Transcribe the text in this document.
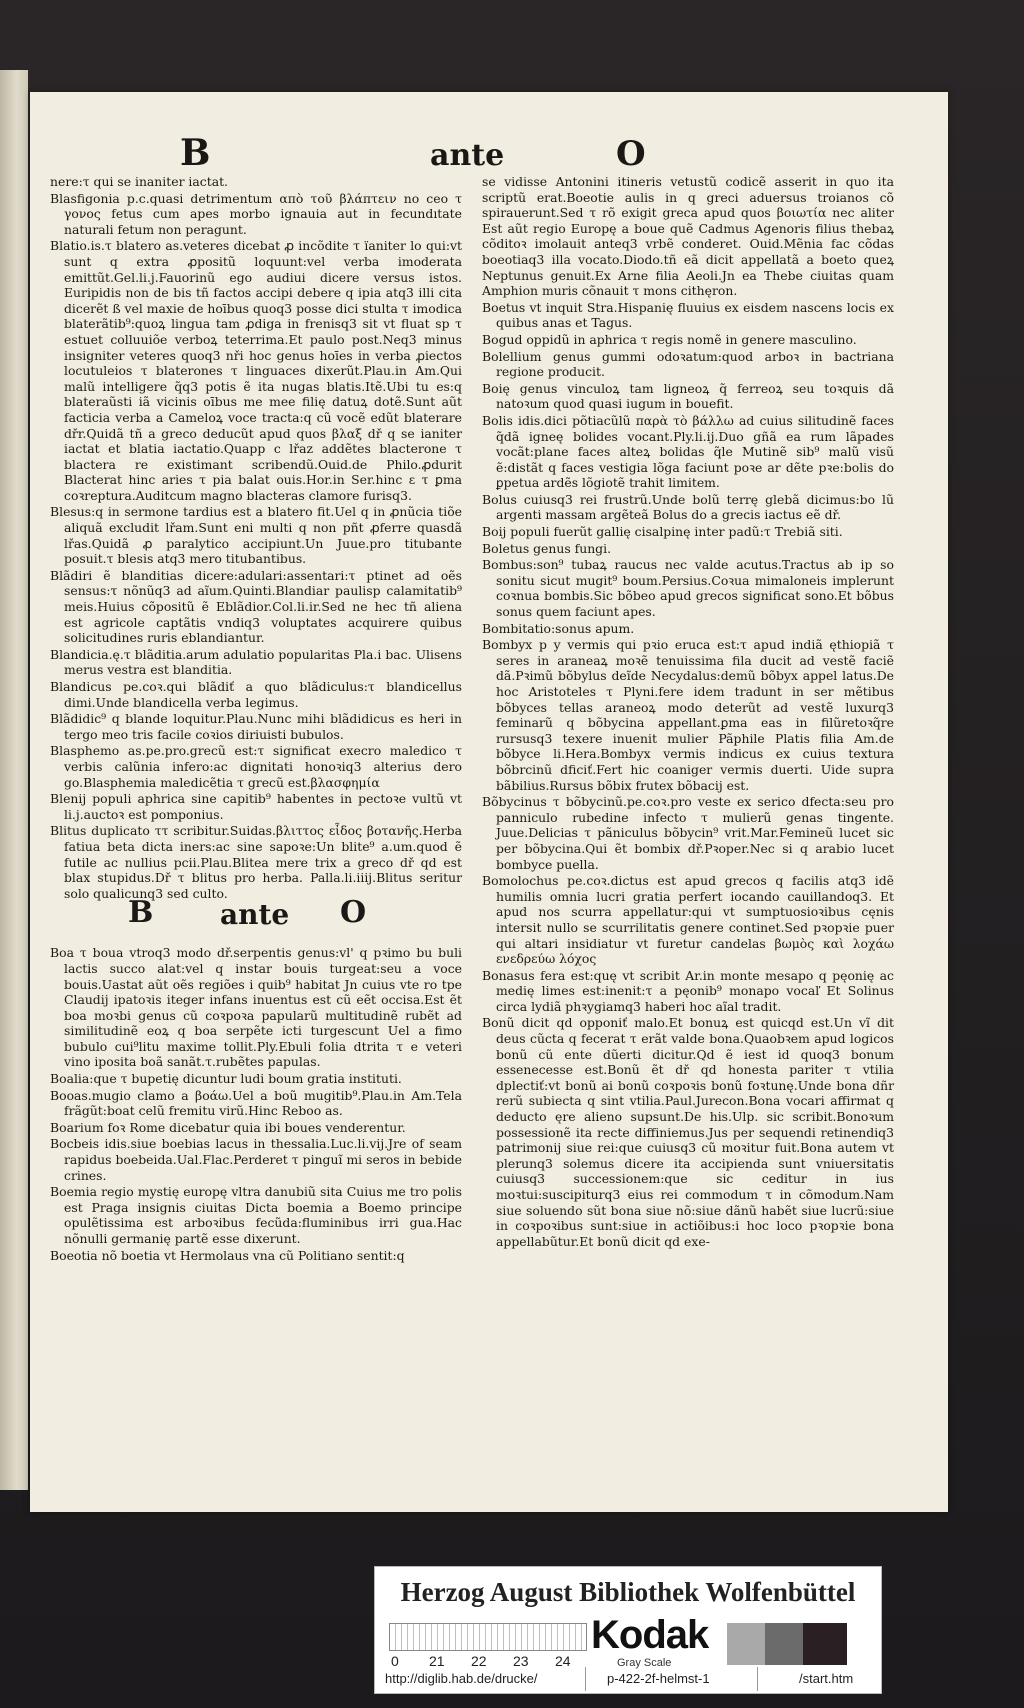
B	ante	O

nere:τ qui se inaniter iactat.

Blasfigonia p.c.quasi detrimentum απὸ τοῦ βλάπτειν no ceo τ γονος fetus cum apes morbo ignauia aut in fecundıtate naturali fetum non peragunt.

Blatio.is.τ blatero as.veteres dicebat ꝓ incõdite τ ïaniter lo qui:vt sunt q extra ꝓpositũ loquunt:vel verba imoderata emittũt.Gel.li.j.Fauorinũ ego audiui dicere versus istos. Euripidis non de bis tñ factos accipi debere q ipia atq3 illi cita dicerẽt ß vel maxie de hoībus quoq3 posse dici stulta τ imodica blaterãtib⁹:quoꝝ lingua tam ꝓdiga in frenisq3 sit vt fluat sp τ estuet colluuiõe verboꝝ teterrima.Et paulo post.Neq3 minus insigniter veteres quoq3 nři hoc genus hoīes in verba ꝓiectos locutuleios τ blaterones τ linguaces dixerũt.Plau.in Am.Qui malũ intelligere q̃q3 potis ẽ ita nugas blatis.Itẽ.Ubi tu es:q blateraũsti iã vicinis oībus me mee filię datuꝝ dotẽ.Sunt aũt facticia verba a Cameloꝝ voce tracta:q cũ vocẽ edũt blaterare dřr.Quidã tñ a greco deducũt apud quos βλαξ dř q se ianiter iactat et blatia iactatio.Quapp c lřaz addẽtes blacterone τ blactera re existimant scribendũ.Ouid.de Philo.ꝓdurit Blacterat hinc aries τ pia balat ouis.Hor.in Ser.hinc ε τ ꝑma coꝛreptura.Auditcum magno blacteras clamore furisq3.

Blesus:q in sermone tardius est a blatero fit.Uel q in ꝓnũcia tiõe aliquã excludit lřam.Sunt eni multi q non pñt ꝓferre quasdã lřas.Quidã ꝓ paralytico accipiunt.Un Juue.pro titubante posuit.τ blesis atq3 mero titubantibus.

Blãdiri ẽ blanditias dicere:adulari:assentari:τ ptinet ad oẽs sensus:τ nõnũq3 ad aĩum.Quinti.Blandiar paulisp calamitatib⁹ meis.Huius cõpositũ ẽ Eblãdior.Col.li.ir.Sed ne hec tñ aliena est agricole captãtis vndiq3 voluptates acquirere quibus solicitudines ruris eblandiantur.

Blandicia.ę.τ blãditia.arum adulatio popularitas Pla.i bac. Ulisens merus vestra est blanditia.

Blandicus pe.coꝛ.qui blãdiť a quo blãdiculus:τ blandicellus dimi.Unde blandicella verba legimus.

Blãdidic⁹ q blande loquitur.Plau.Nunc mihi blãdidicus es heri in tergo meo tris facile coꝛios diriuisti bubulos.

Blasphemo as.pe.pro.grecũ est:τ significat execro maledico τ verbis calũnia infero:ac dignitati honoꝛiq3 alterius dero go.Blasphemia maledicẽtia τ grecũ est.βλασφημία

Blenij populi aphrica sine capitib⁹ habentes in pectoꝛe vultũ vt li.j.auctoꝛ est pomponius.

Blitus duplicato ττ scribitur.Suidas.βλιττος εἶδος βοτανῆς.Herba fatiua beta dicta iners:ac sine sapoꝛe:Un blite⁹ a.um.quod ẽ futile ac nullius pcii.Plau.Blitea mere trix a greco dř qd est blax stupidus.Dř τ blitus pro herba. Palla.li.iiij.Blitus seritur solo qualicunq3 sed culto.

B ante O

Boa τ boua vtroq3 modo dř.serpentis genus:vl' q pꝛimo bu buli lactis succo alat:vel q instar bouis turgeat:seu a voce bouis.Uastat aũt oẽs regiões i quib⁹ habitat Jn cuius vte ro tpe Claudij ipatoꝛis iteger infans inuentus est cũ eẽt occisa.Est ẽt boa moꝛbi genus cũ coꝛpoꝛa papularũ multitudinẽ rubẽt ad similitudinẽ eoꝝ q boa serpẽte icti turgescunt Uel a fimo bubulo cui⁹litu maxime tollit.Ply.Ebuli folia dtrita τ e veteri vino iposita boã sanãt.τ.rubẽtes papulas.

Boalia:que τ bupetię dicuntur ludi boum gratia instituti.

Booas.mugio clamo a βοάω.Uel a boũ mugitib⁹.Plau.in Am.Tela frãgũt:boat celũ fremitu virũ.Hinc Reboo as.

Boarium foꝛ Rome dicebatur quia ibi boues venderentur.

Bocbeis idis.siue boebias lacus in thessalia.Luc.li.vij.Jre of seam rapidus boebeida.Ual.Flac.Perderet τ pinguĩ mi seros in bebide crines.

Boemia regio mystię europę vltra danubiũ sita Cuius me tro polis est Praga insignis ciuitas Dicta boemia a Boemo principe opulẽtissima est arboꝛibus fecũda:fluminibus irri gua.Hac nõnulli germanię partẽ esse dixerunt.

Boeotia nõ boetia vt Hermolaus vna cũ Politiano sentit:q

se vidisse Antonini itineris vetustũ codicẽ asserit in quo ita scriptũ erat.Boeotie aulis in q greci aduersus troianos cõ spirauerunt.Sed τ rõ exigit greca apud quos βοιωτία nec aliter Est aũt regio Europę a boue quẽ Cadmus Agenoris filius thebaꝝ cõditoꝛ imolauit anteq3 vrbẽ conderet. Ouid.Mẽnia fac cõdas boeotiaq3 illa vocato.Diodo.tñ eã dicit appellatã a boeto queꝝ Neptunus genuit.Ex Arne filia Aeoli.Jn ea Thebe ciuitas quam Amphion muris cõnauit τ mons cithęron.

Boetus vt inquit Stra.Hispanię fluuius ex eisdem nascens locis ex quibus anas et Tagus.

Bogud oppidũ in aphrica τ regis nomẽ in genere masculino.

Bolellium genus gummi odoꝛatum:quod arboꝛ in bactriana regione producit.

Boię genus vinculoꝝ tam ligneoꝝ q̃ ferreoꝝ seu toꝛquis dã natoꝛum quod quasi iugum in bouefit.

Bolis idis.dici põtiacũlũ παρὰ τὸ βάλλω ad cuius silitudinẽ faces q̃dã igneę bolides vocant.Ply.li.ij.Duo gñã ea rum lãpades vocãt:plane faces alteꝝ bolidas q̃le Mutinẽ sib⁹ malũ visũ ẽ:distãt q faces vestigia lõga faciunt poꝛe ar dẽte pꝛe:bolis do ꝑpetua ardẽs lõgiotẽ trahit limitem.

Bolus cuiusq3 rei frustrũ.Unde bolũ terrę glebã dicimus:bo lũ argenti massam argẽteã Bolus do a grecis iactus eẽ dř.

Boij populi fuerũt gallię cisalpinę inter padũ:τ Trebiã siti.

Boletus genus fungi.

Bombus:son⁹ tubaꝝ raucus nec valde acutus.Tractus ab ip so sonitu sicut mugit⁹ boum.Persius.Coꝛua mimaloneis implerunt coꝛnua bombis.Sic bõbeo apud grecos significat sono.Et bõbus sonus quem faciunt apes.

Bombitatio:sonus apum.

Bombyx p y vermis qui pꝛio eruca est:τ apud indiã ęthiopiã τ seres in araneaꝝ moꝛẽ tenuissima fila ducit ad vestẽ faciẽ dã.Pꝛimũ bõbylus deĩde Necydalus:demũ bõbyx appel latus.De hoc Aristoteles τ Plyni.fere idem tradunt in ser mẽtibus bõbyces tellas araneoꝝ modo deterũt ad vestẽ luxurq3 feminarũ q bõbycina appellant.ꝑma eas in filũretoꝛq̃re rursusq3 texere inuenit mulier Pãphile Platis filia Am.de bõbyce li.Hera.Bombyx vermis indicus ex cuius textura bõbrcinũ dficiť.Fert hic coaniger vermis duerti. Uide supra bãbilius.Rursus bõbix frutex bõbacij est.

Bõbycinus τ bõbycinũ.pe.coꝛ.pro veste ex serico dfecta:seu pro panniculo rubedine infecto τ mulierũ genas tingente. Juue.Delicias τ pãniculus bõbycin⁹ vrit.Mar.Femineũ lucet sic per bõbycina.Qui ẽt bombix dř.Pꝛoper.Nec si q arabio lucet bombyce puella.

Bomolochus pe.coꝛ.dictus est apud grecos q facilis atq3 idẽ humilis omnia lucri gratia perfert iocando cauillandoq3. Et apud nos scurra appellatur:qui vt sumptuosioꝛibus cęnis intersit nullo se scurrilitatis genere continet.Sed pꝛopꝛie puer qui altari insidiatur vt furetur candelas βωμὸς καὶ λοχάω ενεδρεύω λόχος

Bonasus fera est:quę vt scribit Ar.in monte mesapo q pęonię ac medię limes est:inenit:τ a pęonib⁹ monapo vocaľ Et Solinus circa lydiã phꝛygiamq3 haberi hoc aĩal tradit.

Bonũ dicit qd opponiť malo.Et bonuꝝ est quicqd est.Un vĩ dit deus cũcta q fecerat τ erãt valde bona.Quaobꝛem apud logicos bonũ cũ ente dũerti dicitur.Qd ẽ iest id quoq3 bonum essenecesse est.Bonũ ẽt dř qd honesta pariter τ vtilia dplectiť:vt bonũ ai bonũ coꝛpoꝛis bonũ foꝛtunę.Unde bona dñr rerũ subiecta q sint vtilia.Paul.Jurecon.Bona vocari affirmat q deducto ęre alieno supsunt.De his.Ulp. sic scribit.Bonoꝛum possessionẽ ita recte diffiniemus.Jus per sequendi retinendiq3 patrimonij siue rei:que cuiusq3 cũ moꝛitur fuit.Bona autem vt plerunq3 solemus dicere ita accipienda sunt vniuersitatis cuiusq3 successionem:que sic ceditur in ius moꝛtui:suscipiturq3 eius rei commodum τ in cõmodum.Nam siue soluendo sũt bona siue nõ:siue dãnũ habẽt siue lucrũ:siue in coꝛpoꝛibus sunt:siue in actiõibus:i hoc loco pꝛopꝛie bona appellabũtur.Et bonũ dicit qd exe-

Herzog August Bibliothek Wolfenbüttel
0 21 22 23 24
Kodak
Gray Scale
http://diglib.hab.de/drucke/	p-422-2f-helmst-1	/start.htm
